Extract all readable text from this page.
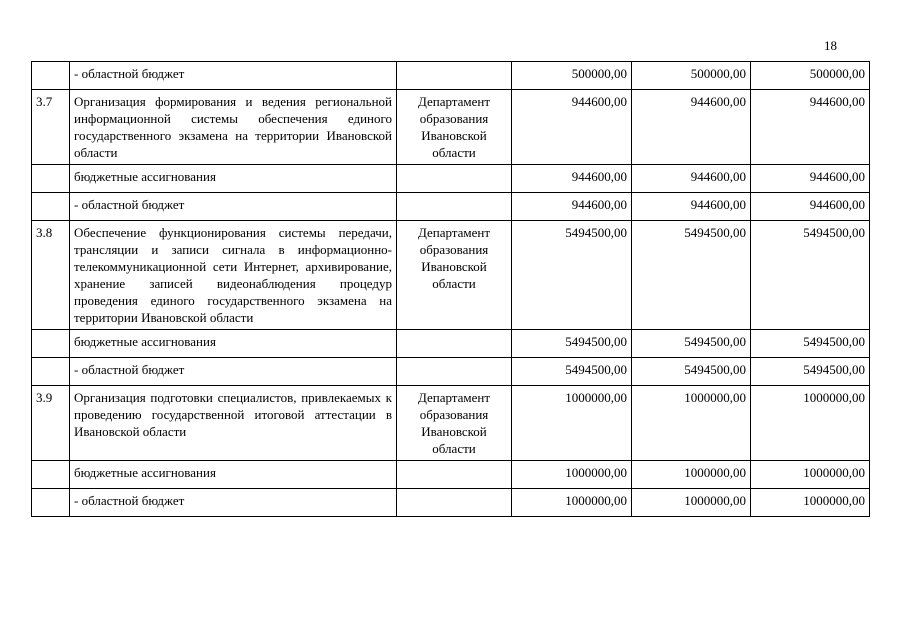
18
	- областной бюджет		500000,00	500000,00	500000,00
3.7	Организация формирования и ведения региональной информационной системы обеспечения единого государственного экзамена на территории Ивановской области	Департамент образования Ивановской области	944600,00	944600,00	944600,00
	бюджетные ассигнования		944600,00	944600,00	944600,00
	- областной бюджет		944600,00	944600,00	944600,00
3.8	Обеспечение функционирования системы передачи, трансляции и записи сигнала в информационно-телекоммуникационной сети Интернет, архивирование, хранение записей видеонаблюдения процедур проведения единого государственного экзамена на территории Ивановской области	Департамент образования Ивановской области	5494500,00	5494500,00	5494500,00
	бюджетные ассигнования		5494500,00	5494500,00	5494500,00
	- областной бюджет		5494500,00	5494500,00	5494500,00
3.9	Организация подготовки специалистов, привлекаемых к проведению государственной итоговой аттестации в Ивановской области	Департамент образования Ивановской области	1000000,00	1000000,00	1000000,00
	бюджетные ассигнования		1000000,00	1000000,00	1000000,00
	- областной бюджет		1000000,00	1000000,00	1000000,00
